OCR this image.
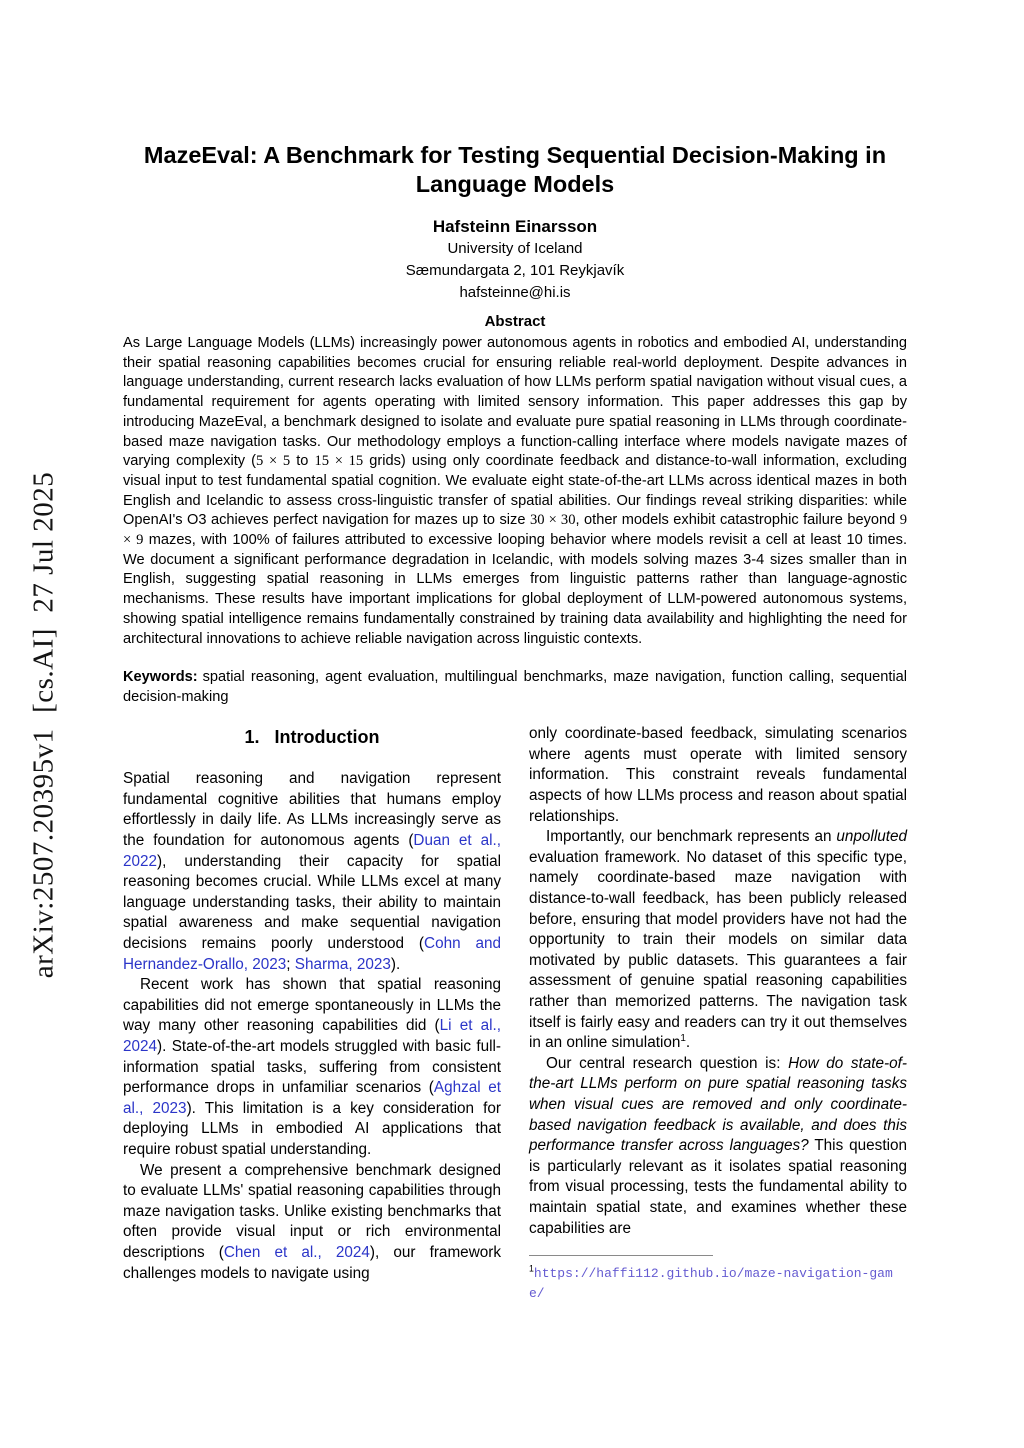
arXiv:2507.20395v1  [cs.AI]  27 Jul 2025
MazeEval: A Benchmark for Testing Sequential Decision-Making in Language Models
Hafsteinn Einarsson
University of Iceland
Sæmundargata 2, 101 Reykjavík
hafsteinne@hi.is
Abstract
As Large Language Models (LLMs) increasingly power autonomous agents in robotics and embodied AI, understanding their spatial reasoning capabilities becomes crucial for ensuring reliable real-world deployment. Despite advances in language understanding, current research lacks evaluation of how LLMs perform spatial navigation without visual cues, a fundamental requirement for agents operating with limited sensory information. This paper addresses this gap by introducing MazeEval, a benchmark designed to isolate and evaluate pure spatial reasoning in LLMs through coordinate-based maze navigation tasks. Our methodology employs a function-calling interface where models navigate mazes of varying complexity (5 × 5 to 15 × 15 grids) using only coordinate feedback and distance-to-wall information, excluding visual input to test fundamental spatial cognition. We evaluate eight state-of-the-art LLMs across identical mazes in both English and Icelandic to assess cross-linguistic transfer of spatial abilities. Our findings reveal striking disparities: while OpenAI's O3 achieves perfect navigation for mazes up to size 30 × 30, other models exhibit catastrophic failure beyond 9 × 9 mazes, with 100% of failures attributed to excessive looping behavior where models revisit a cell at least 10 times. We document a significant performance degradation in Icelandic, with models solving mazes 3-4 sizes smaller than in English, suggesting spatial reasoning in LLMs emerges from linguistic patterns rather than language-agnostic mechanisms. These results have important implications for global deployment of LLM-powered autonomous systems, showing spatial intelligence remains fundamentally constrained by training data availability and highlighting the need for architectural innovations to achieve reliable navigation across linguistic contexts.

Keywords: spatial reasoning, agent evaluation, multilingual benchmarks, maze navigation, function calling, sequential decision-making

1. Introduction

Spatial reasoning and navigation represent fundamental cognitive abilities that humans employ effortlessly in daily life. As LLMs increasingly serve as the foundation for autonomous agents (Duan et al., 2022), understanding their capacity for spatial reasoning becomes crucial. While LLMs excel at many language understanding tasks, their ability to maintain spatial awareness and make sequential navigation decisions remains poorly understood (Cohn and Hernandez-Orallo, 2023; Sharma, 2023).

Recent work has shown that spatial reasoning capabilities did not emerge spontaneously in LLMs the way many other reasoning capabilities did (Li et al., 2024). State-of-the-art models struggled with basic full-information spatial tasks, suffering from consistent performance drops in unfamiliar scenarios (Aghzal et al., 2023). This limitation is a key consideration for deploying LLMs in embodied AI applications that require robust spatial understanding.

We present a comprehensive benchmark designed to evaluate LLMs' spatial reasoning capabilities through maze navigation tasks. Unlike existing benchmarks that often provide visual input or rich environmental descriptions (Chen et al., 2024), our framework challenges models to navigate using

only coordinate-based feedback, simulating scenarios where agents must operate with limited sensory information. This constraint reveals fundamental aspects of how LLMs process and reason about spatial relationships.

Importantly, our benchmark represents an unpolluted evaluation framework. No dataset of this specific type, namely coordinate-based maze navigation with distance-to-wall feedback, has been publicly released before, ensuring that model providers have not had the opportunity to train their models on similar data motivated by public datasets. This guarantees a fair assessment of genuine spatial reasoning capabilities rather than memorized patterns. The navigation task itself is fairly easy and readers can try it out themselves in an online simulation$^1$.

Our central research question is: How do state-of-the-art LLMs perform on pure spatial reasoning tasks when visual cues are removed and only coordinate-based navigation feedback is available, and does this performance transfer across languages? This question is particularly relevant as it isolates spatial reasoning from visual processing, tests the fundamental ability to maintain spatial state, and examines whether these capabilities are

$^1$https://haffi112.github.io/maze-navigation-game/
